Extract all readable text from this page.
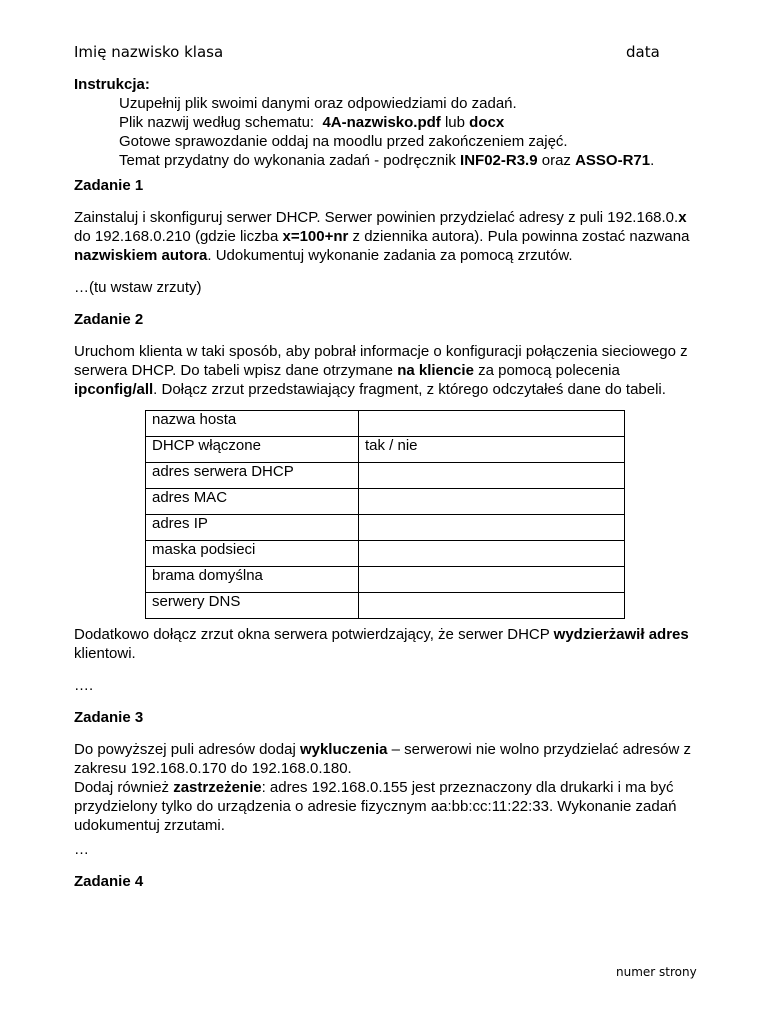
Imię nazwisko klasa	data

Instrukcja:

Uzupełnij plik swoimi danymi oraz odpowiedziami do zadań.

Plik nazwij według schematu: 4A-nazwisko.pdf lub docx

Gotowe sprawozdanie oddaj na moodlu przed zakończeniem zajęć.

Temat przydatny do wykonania zadań - podręcznik INF02-R3.9 oraz ASSO-R71.

Zadanie 1

Zainstaluj i skonfiguruj serwer DHCP. Serwer powinien przydzielać adresy z puli 192.168.0.x do 192.168.0.210 (gdzie liczba x=100+nr z dziennika autora). Pula powinna zostać nazwana nazwiskiem autora. Udokumentuj wykonanie zadania za pomocą zrzutów.

…(tu wstaw zrzuty)

Zadanie 2

Uruchom klienta w taki sposób, aby pobrał informacje o konfiguracji połączenia sieciowego z serwera DHCP. Do tabeli wpisz dane otrzymane na kliencie za pomocą polecenia ipconfig/all. Dołącz zrzut przedstawiający fragment, z którego odczytałeś dane do tabeli.

nazwa hosta	
DHCP włączone	tak / nie
adres serwera DHCP	
adres MAC	
adres IP	
maska podsieci	
brama domyślna	
serwery DNS	

Dodatkowo dołącz zrzut okna serwera potwierdzający, że serwer DHCP wydzierżawił adres klientowi.

….

Zadanie 3

Do powyższej puli adresów dodaj wykluczenia – serwerowi nie wolno przydzielać adresów z zakresu 192.168.0.170 do 192.168.0.180.
Dodaj również zastrzeżenie: adres 192.168.0.155 jest przeznaczony dla drukarki i ma być przydzielony tylko do urządzenia o adresie fizycznym aa:bb:cc:11:22:33. Wykonanie zadań udokumentuj zrzutami.

…

Zadanie 4

numer strony
